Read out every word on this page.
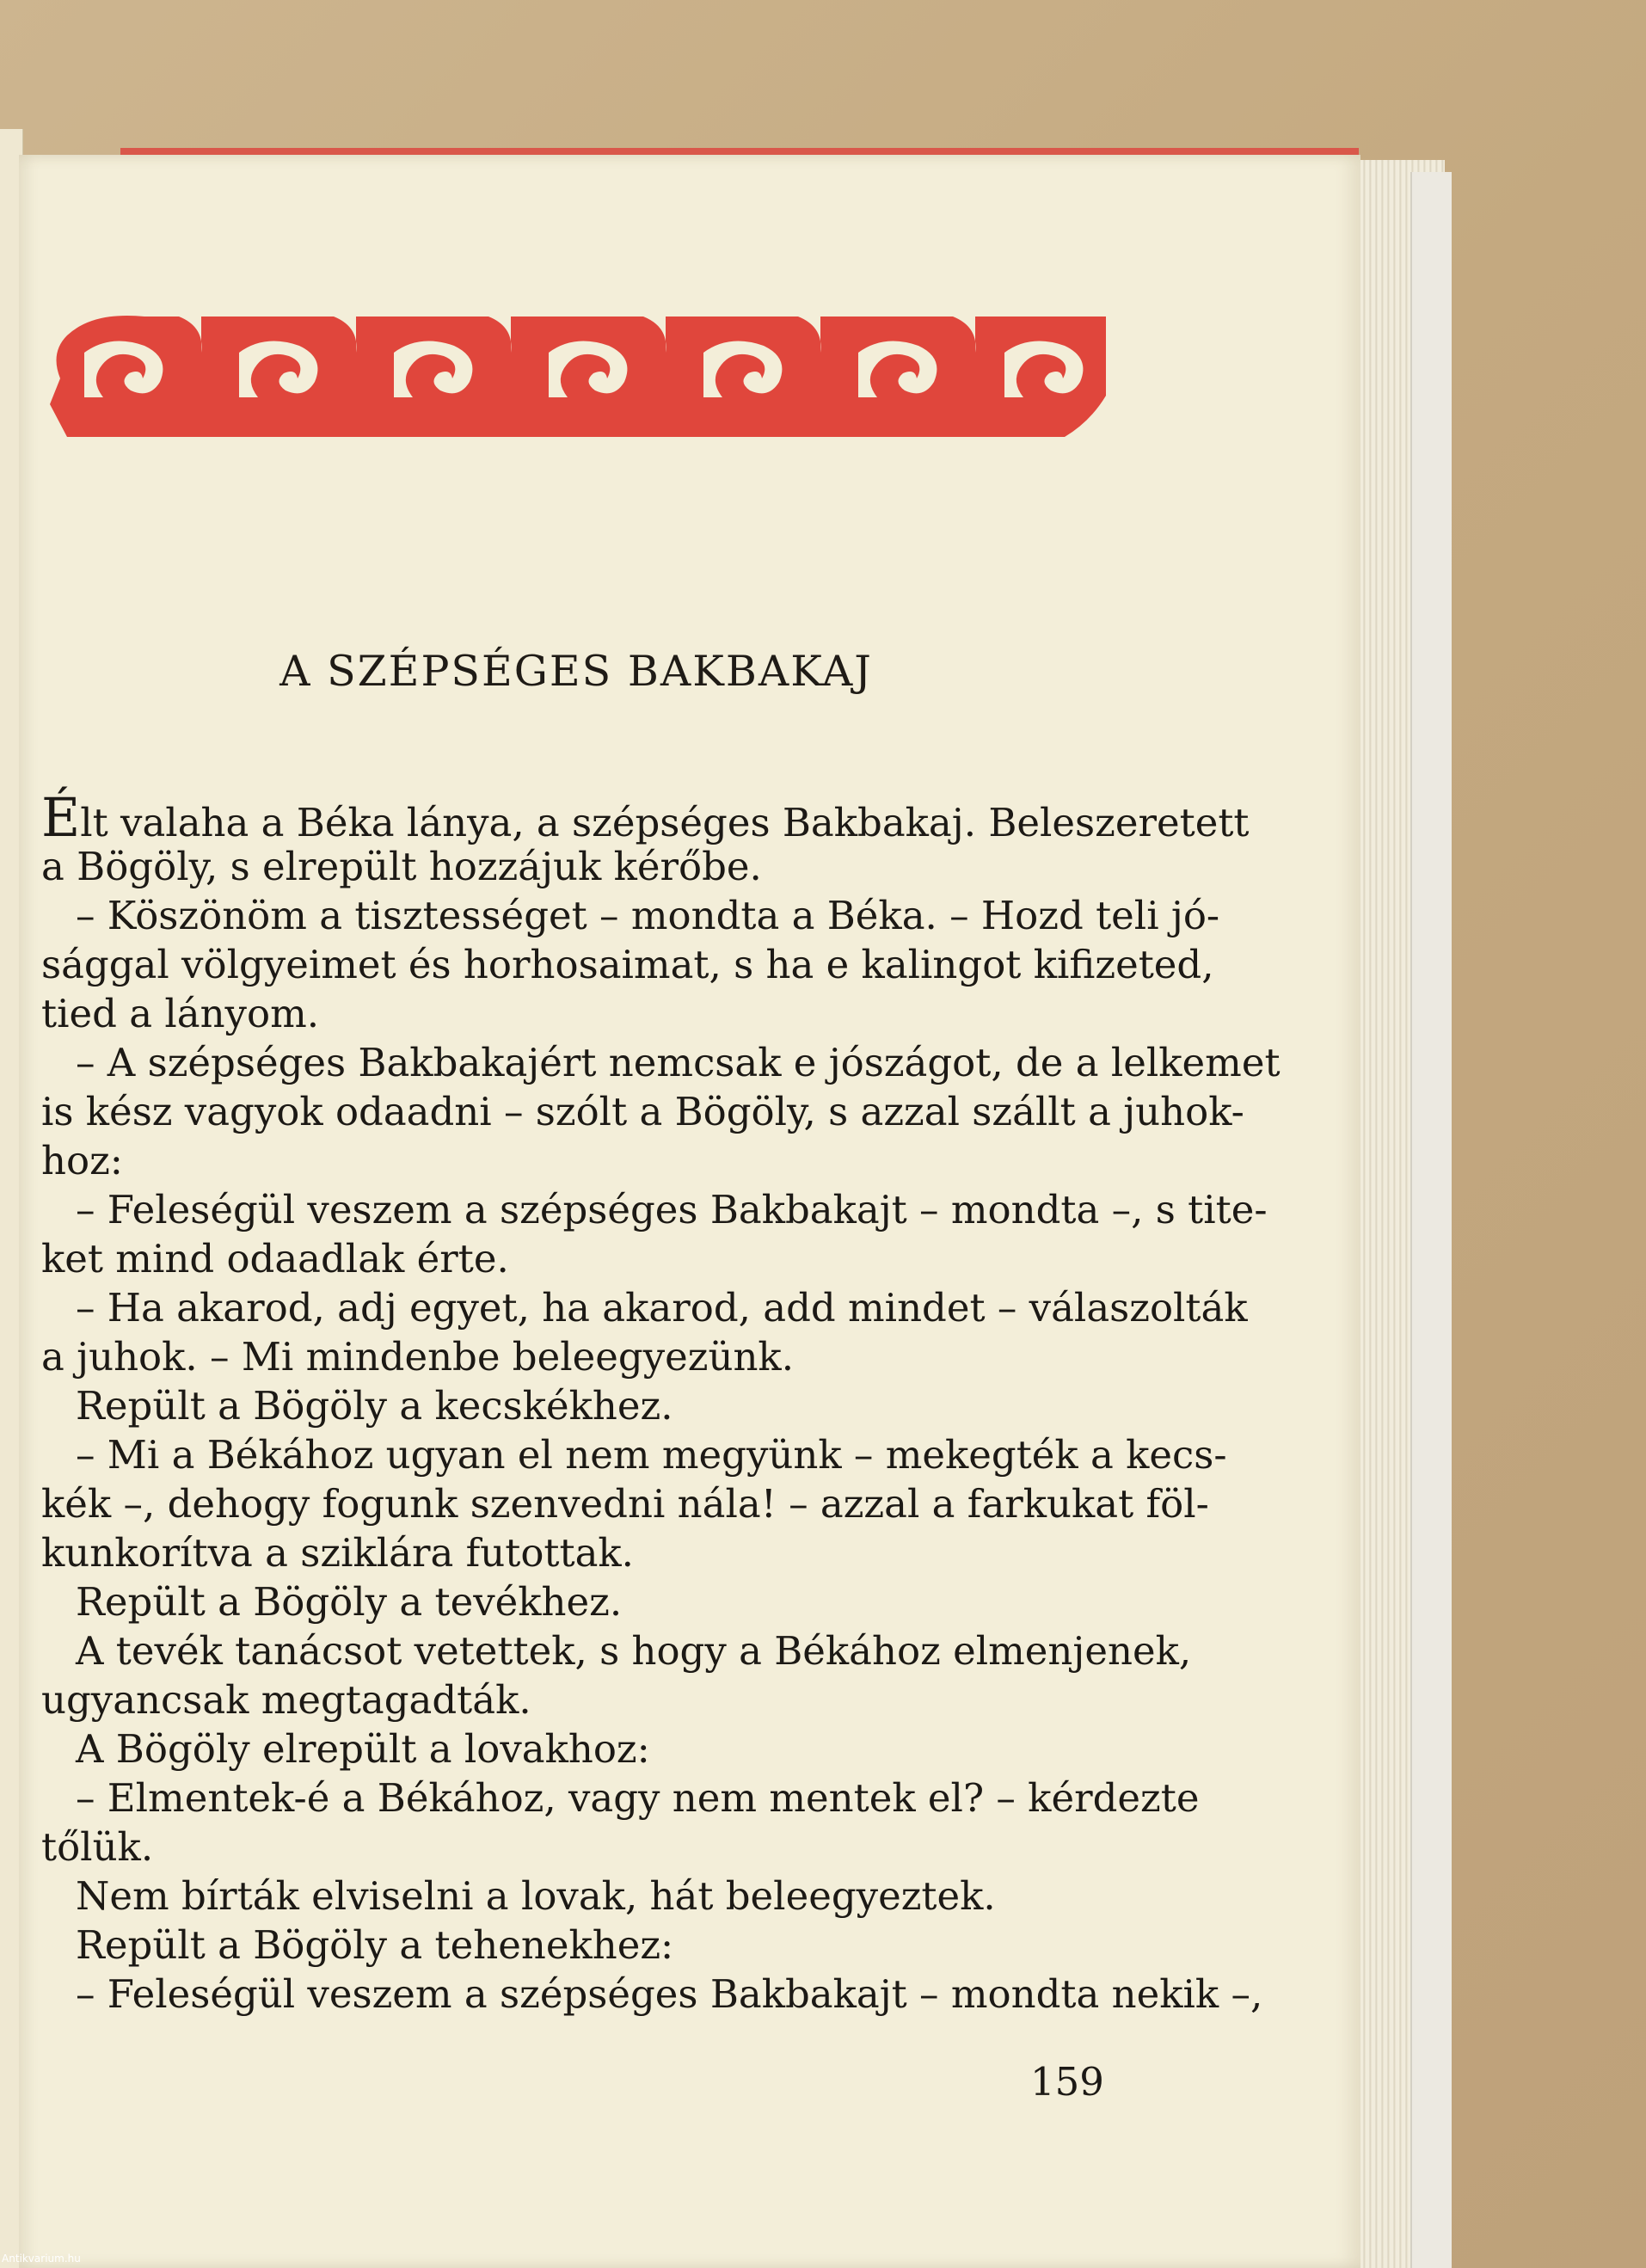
A SZÉPSÉGES BAKBAKAJ
Élt valaha a Béka lánya, a szépséges Bakbakaj. Beleszeretett
a Bögöly, s elrepült hozzájuk kérőbe.
– Köszönöm a tisztességet – mondta a Béka. – Hozd teli jó-
sággal völgyeimet és horhosaimat, s ha e kalingot kifizeted,
tied a lányom.
– A szépséges Bakbakajért nemcsak e jószágot, de a lelkemet
is kész vagyok odaadni – szólt a Bögöly, s azzal szállt a juhok-
hoz:
– Feleségül veszem a szépséges Bakbakajt – mondta –, s tite-
ket mind odaadlak érte.
– Ha akarod, adj egyet, ha akarod, add mindet – válaszolták
a juhok. – Mi mindenbe beleegyezünk.
Repült a Bögöly a kecskékhez.
– Mi a Békához ugyan el nem megyünk – mekegték a kecs-
kék –, dehogy fogunk szenvedni nála! – azzal a farkukat föl-
kunkorítva a sziklára futottak.
Repült a Bögöly a tevékhez.
A tevék tanácsot vetettek, s hogy a Békához elmenjenek,
ugyancsak megtagadták.
A Bögöly elrepült a lovakhoz:
– Elmentek-é a Békához, vagy nem mentek el? – kérdezte
tőlük.
Nem bírták elviselni a lovak, hát beleegyeztek.
Repült a Bögöly a tehenekhez:
– Feleségül veszem a szépséges Bakbakajt – mondta nekik –,
159
Antikvarium.hu
